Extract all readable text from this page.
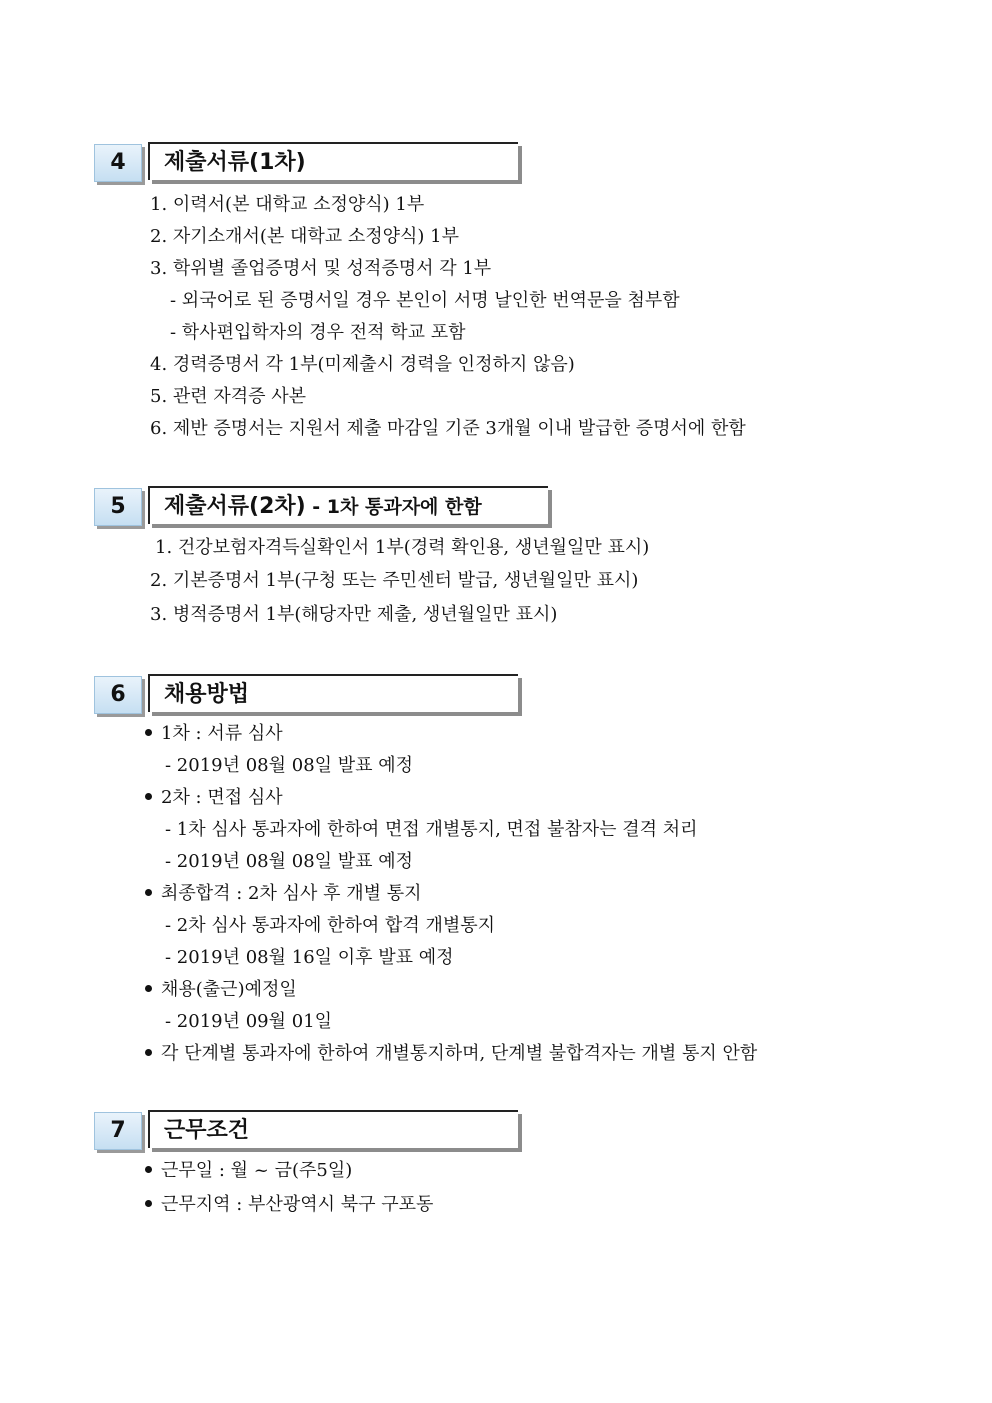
4	제출서류(1차)
1. 이력서(본 대학교 소정양식) 1부
2. 자기소개서(본 대학교 소정양식) 1부
3. 학위별 졸업증명서 및 성적증명서 각 1부
- 외국어로 된 증명서일 경우 본인이 서명 날인한 번역문을 첨부함
- 학사편입학자의 경우 전적 학교 포함
4. 경력증명서 각 1부(미제출시 경력을 인정하지 않음)
5. 관련 자격증 사본
6. 제반 증명서는 지원서 제출 마감일 기준 3개월 이내 발급한 증명서에 한함
5	제출서류(2차) - 1차 통과자에 한함
1. 건강보험자격득실확인서 1부(경력 확인용, 생년월일만 표시)
2. 기본증명서 1부(구청 또는 주민센터 발급, 생년월일만 표시)
3. 병적증명서 1부(해당자만 제출, 생년월일만 표시)
6	채용방법
1차 : 서류 심사
- 2019년 08월 08일 발표 예정
2차 : 면접 심사
- 1차 심사 통과자에 한하여 면접 개별통지, 면접 불참자는 결격 처리
- 2019년 08월 08일 발표 예정
최종합격 : 2차 심사 후 개별 통지
- 2차 심사 통과자에 한하여 합격 개별통지
- 2019년 08월 16일 이후 발표 예정
채용(출근)예정일
- 2019년 09월 01일
각 단계별 통과자에 한하여 개별통지하며, 단계별 불합격자는 개별 통지 안함
7	근무조건
근무일 : 월 ~ 금(주5일)
근무지역 : 부산광역시 북구 구포동
